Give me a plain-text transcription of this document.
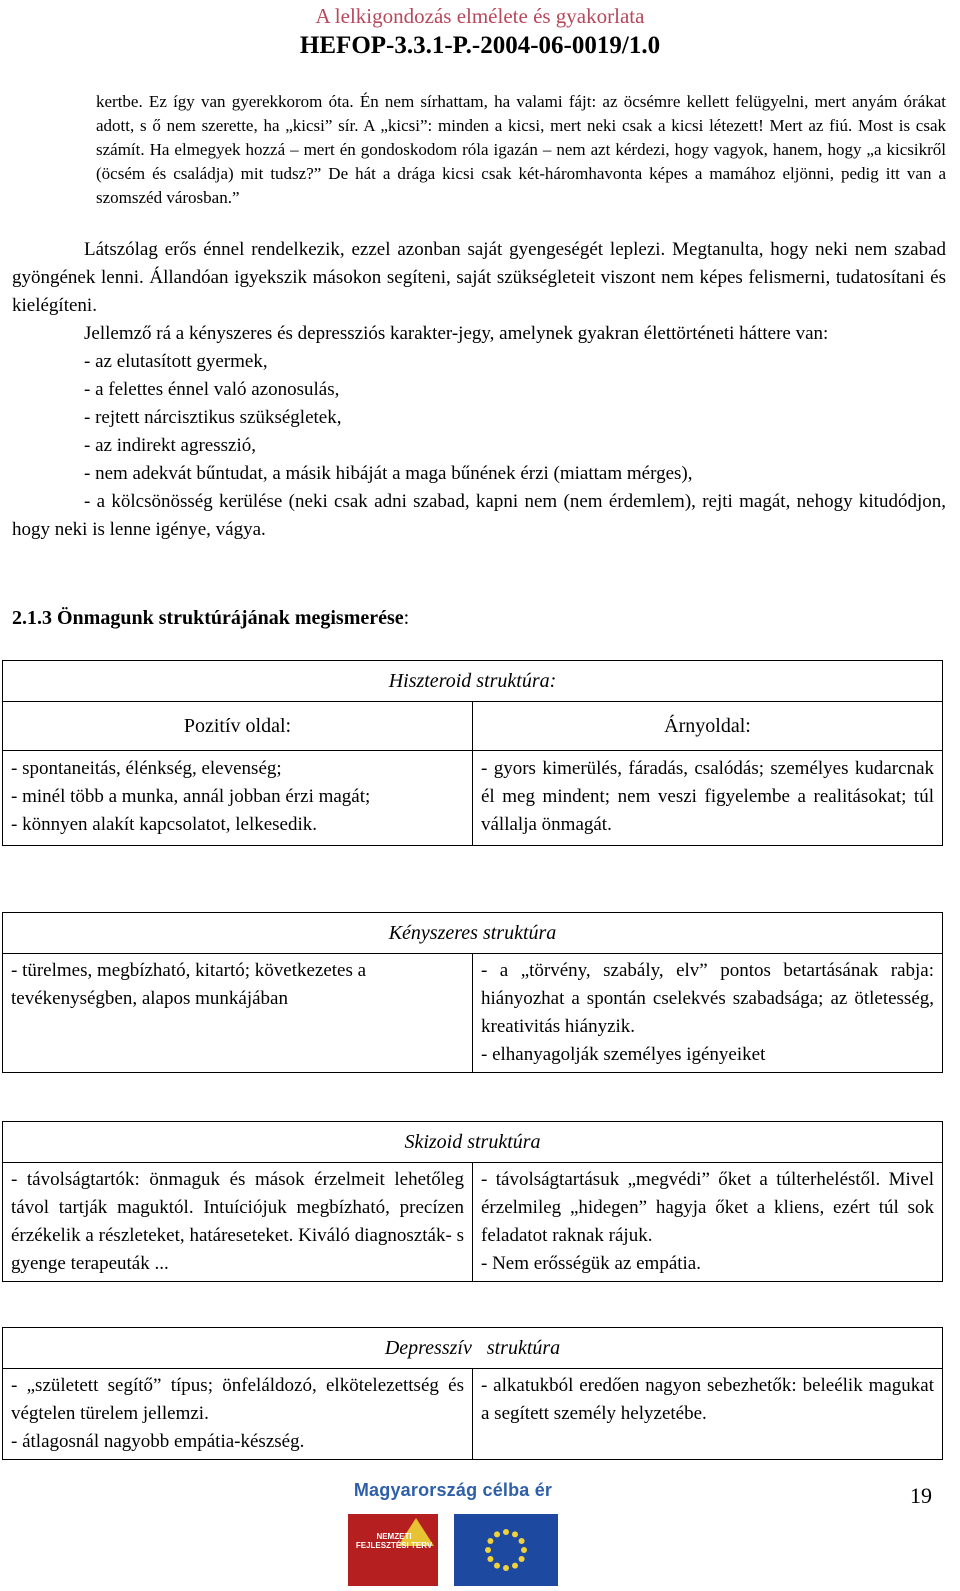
A lelkigondozás elmélete és gyakorlata
HEFOP-3.3.1-P.-2004-06-0019/1.0

kertbe. Ez így van gyerekkorom óta. Én nem sírhattam, ha valami fájt: az öcsémre kellett felügyelni, mert anyám órákat adott, s ő nem szerette, ha „kicsi” sír. A „kicsi”: minden a kicsi, mert neki csak a kicsi létezett! Mert az fiú. Most is csak számít. Ha elmegyek hozzá – mert én gondoskodom róla igazán – nem azt kérdezi, hogy vagyok, hanem, hogy „a kicsikről (öcsém és családja) mit tudsz?” De hát a drága kicsi csak két-háromhavonta képes a mamához eljönni, pedig itt van a szomszéd városban.”

Látszólag erős énnel rendelkezik, ezzel azonban saját gyengeségét leplezi. Megtanulta, hogy neki nem szabad gyöngének lenni. Állandóan igyekszik másokon segíteni, saját szükségleteit viszont nem képes felismerni, tudatosítani és kielégíteni.

Jellemző rá a kényszeres és depressziós karakter-jegy, amelynek gyakran élettörténeti háttere van:

- az elutasított gyermek,

- a felettes énnel való azonosulás,

- rejtett nárcisztikus szükségletek,

- az indirekt agresszió,

- nem adekvát bűntudat, a másik hibáját a maga bűnének érzi (miattam mérges),

- a kölcsönösség kerülése (neki csak adni szabad, kapni nem (nem érdemlem), rejti magát, nehogy kitudódjon, hogy neki is lenne igénye, vágya.

2.1.3 Önmagunk struktúrájának megismerése:
Hiszteroid struktúra:	
Pozitív oldal:	Árnyoldal:
- spontaneitás, élénkség, elevenség;
- minél több a munka, annál jobban érzi magát;
- könnyen alakít kapcsolatot, lelkesedik.	- gyors kimerülés, fáradás, csalódás; személyes kudarcnak él meg mindent; nem veszi figyelembe a realitásokat; túl vállalja önmagát.
Kényszeres struktúra
- türelmes, megbízható, kitartó; következetes a tevékenységben, alapos munkájában	- a „törvény, szabály, elv” pontos betartásának rabja: hiányozhat a spontán cselekvés szabadsága; az ötletesség, kreativitás hiányzik.
- elhanyagolják személyes igényeiket
Skizoid struktúra
- távolságtartók: önmaguk és mások érzelmeit lehetőleg távol tartják maguktól. Intuíciójuk megbízható, precízen érzékelik a részleteket, határeseteket. Kiváló diagnoszták- s gyenge terapeuták ...	- távolságtartásuk „megvédi” őket a túlterheléstől. Mivel érzelmileg „hidegen” hagyja őket a kliens, ezért túl sok feladatot raknak rájuk.
- Nem erősségük az empátia.
Depresszív   struktúra
- „született segítő” típus; önfeláldozó, elkötelezettség és végtelen türelem jellemzi.
- átlagosnál nagyobb empátia-készség.	- alkatukból eredően nagyon sebezhetők: beleélik magukat a segített személy helyzetébe.
Magyarország célba ér
NEMZETI FEJLESZTÉSI TERV
19
